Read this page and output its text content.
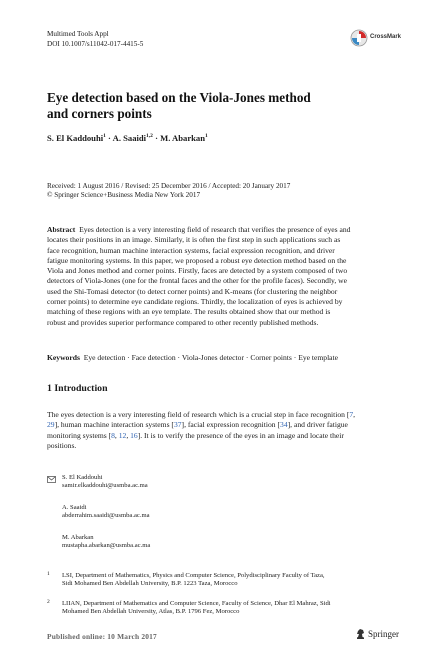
Multimed Tools Appl
DOI 10.1007/s11042-017-4415-5
CrossMark
Eye detection based on the Viola-Jones method
and corners points
S. El Kaddouhi$^1$ · A. Saaidi$^{1,2}$ · M. Abarkan$^1$
Received: 1 August 2016 / Revised: 25 December 2016 / Accepted: 20 January 2017
© Springer Science+Business Media New York 2017
Abstract Eyes detection is a very interesting field of research that verifies the presence of eyes and
locates their positions in an image. Similarly, it is often the first step in such applications such as
face recognition, human machine interaction systems, facial expression recognition, and driver
fatigue monitoring systems. In this paper, we proposed a robust eye detection method based on the
Viola and Jones method and corner points. Firstly, faces are detected by a system composed of two
detectors of Viola-Jones (one for the frontal faces and the other for the profile faces). Secondly, we
used the Shi-Tomasi detector (to detect corner points) and K-means (for clustering the neighbor
corner points) to determine eye candidate regions. Thirdly, the localization of eyes is achieved by
matching of these regions with an eye template. The results obtained show that our method is
robust and provides superior performance compared to other recently published methods.
Keywords Eye detection · Face detection · Viola-Jones detector · Corner points · Eye template
1 Introduction
The eyes detection is a very interesting field of research which is a crucial step in face recognition [7,
29], human machine interaction systems [37], facial expression recognition [34], and driver fatigue
monitoring systems [8, 12, 16]. It is to verify the presence of the eyes in an image and locate their
positions.
S. El Kaddouhi
samir.elkaddouhi@usmba.ac.ma
A. Saaidi
abderrahim.saaidi@usmba.ac.ma
M. Abarkan
mustapha.abarkan@usmba.ac.ma
1 LSI, Department of Mathematics, Physics and Computer Science, Polydisciplinary Faculty of Taza,
Sidi Mohamed Ben Abdellah University, B.P. 1223 Taza, Morocco
2 LIIAN, Department of Mathematics and Computer Science, Faculty of Science, Dhar El Mahraz, Sidi
Mohamed Ben Abdellah University, Atlas, B.P. 1796 Fez, Morocco
Published online: 10 March 2017	Springer
